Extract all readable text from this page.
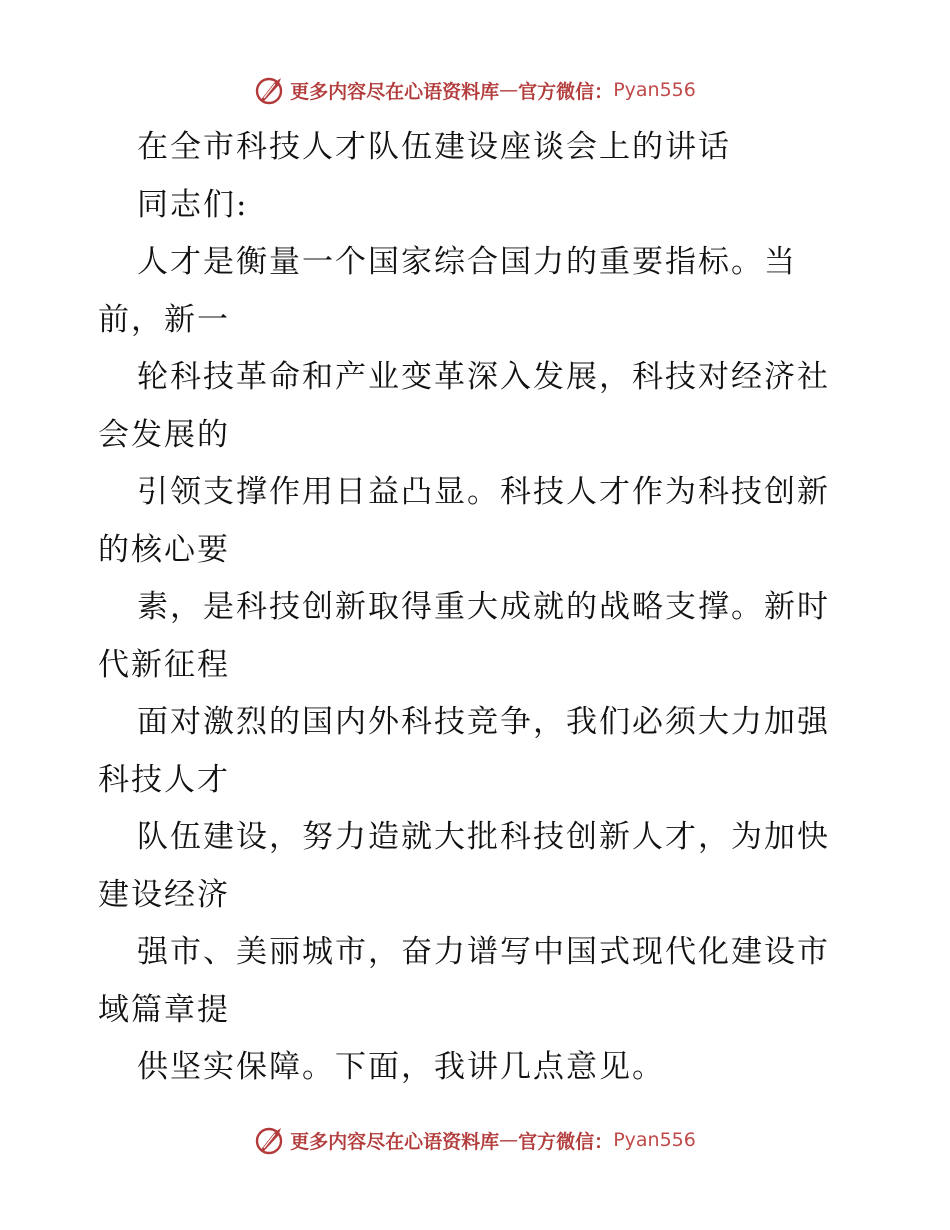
更多内容尽在心语资料库 — 官方微信： Pyan556
在全市科技人才队伍建设座谈会上的讲话
同志们:
人才是衡量一个国家综合国力的重要指标。当
前，新一
轮科技革命和产业变革深入发展，科技对经济社
会发展的
引领支撑作用日益凸显。科技人才作为科技创新
的核心要
素，是科技创新取得重大成就的战略支撑。新时
代新征程
面对激烈的国内外科技竞争，我们必须大力加强
科技人才
队伍建设，努力造就大批科技创新人才，为加快
建设经济
强市、美丽城市，奋力谱写中国式现代化建设市
域篇章提
供坚实保障。下面，我讲几点意见。
更多内容尽在心语资料库 — 官方微信： Pyan556
